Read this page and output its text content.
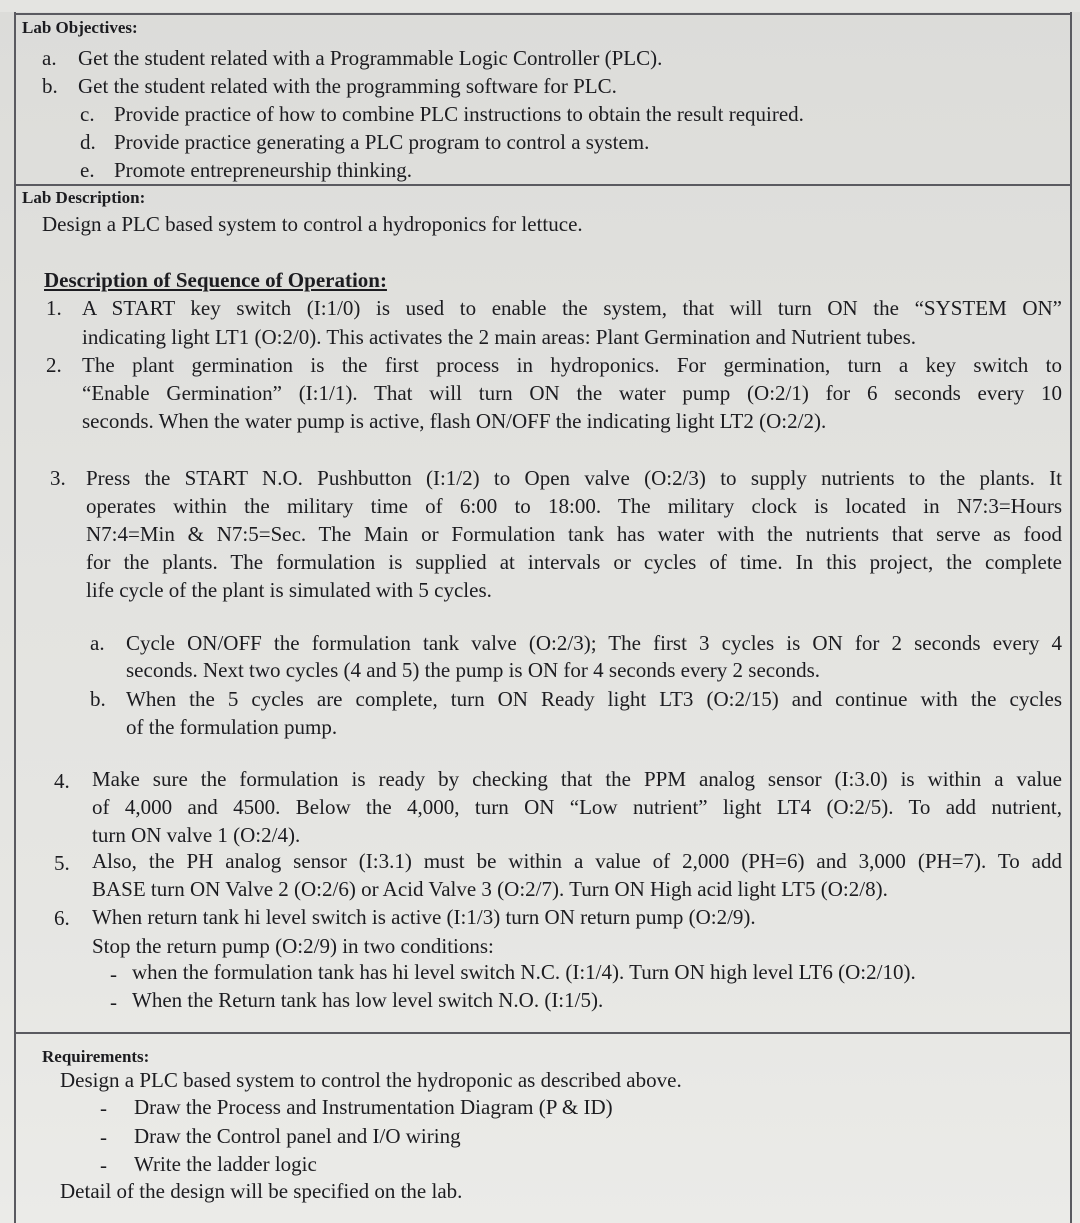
Lab Objectives:
a. Get the student related with a Programmable Logic Controller (PLC).
b. Get the student related with the programming software for PLC.
c. Provide practice of how to combine PLC instructions to obtain the result required.
d. Provide practice generating a PLC program to control a system.
e. Promote entrepreneurship thinking.
Lab Description:
Design a PLC based system to control a hydroponics for lettuce.
Description of Sequence of Operation:
1. A START key switch (I:1/0) is used to enable the system, that will turn ON the “SYSTEM ON”
indicating light LT1 (O:2/0). This activates the 2 main areas: Plant Germination and Nutrient tubes.
2. The plant germination is the first process in hydroponics. For germination, turn a key switch to
“Enable Germination” (I:1/1). That will turn ON the water pump (O:2/1) for 6 seconds every 10
seconds. When the water pump is active, flash ON/OFF the indicating light LT2 (O:2/2).
3. Press the START N.O. Pushbutton (I:1/2) to Open valve (O:2/3) to supply nutrients to the plants. It
operates within the military time of 6:00 to 18:00. The military clock is located in N7:3=Hours
N7:4=Min & N7:5=Sec. The Main or Formulation tank has water with the nutrients that serve as food
for the plants. The formulation is supplied at intervals or cycles of time. In this project, the complete
life cycle of the plant is simulated with 5 cycles.
a. Cycle ON/OFF the formulation tank valve (O:2/3); The first 3 cycles is ON for 2 seconds every 4
seconds. Next two cycles (4 and 5) the pump is ON for 4 seconds every 2 seconds.
b. When the 5 cycles are complete, turn ON Ready light LT3 (O:2/15) and continue with the cycles
of the formulation pump.
4. Make sure the formulation is ready by checking that the PPM analog sensor (I:3.0) is within a value
of 4,000 and 4500. Below the 4,000, turn ON “Low nutrient” light LT4 (O:2/5). To add nutrient,
turn ON valve 1 (O:2/4).
5. Also, the PH analog sensor (I:3.1) must be within a value of 2,000 (PH=6) and 3,000 (PH=7). To add
BASE turn ON Valve 2 (O:2/6) or Acid Valve 3 (O:2/7). Turn ON High acid light LT5 (O:2/8).
6. When return tank hi level switch is active (I:1/3) turn ON return pump (O:2/9).
Stop the return pump (O:2/9) in two conditions:
- when the formulation tank has hi level switch N.C. (I:1/4). Turn ON high level LT6 (O:2/10).
- When the Return tank has low level switch N.O. (I:1/5).
Requirements:
Design a PLC based system to control the hydroponic as described above.
- Draw the Process and Instrumentation Diagram (P & ID)
- Draw the Control panel and I/O wiring
- Write the ladder logic
Detail of the design will be specified on the lab.
